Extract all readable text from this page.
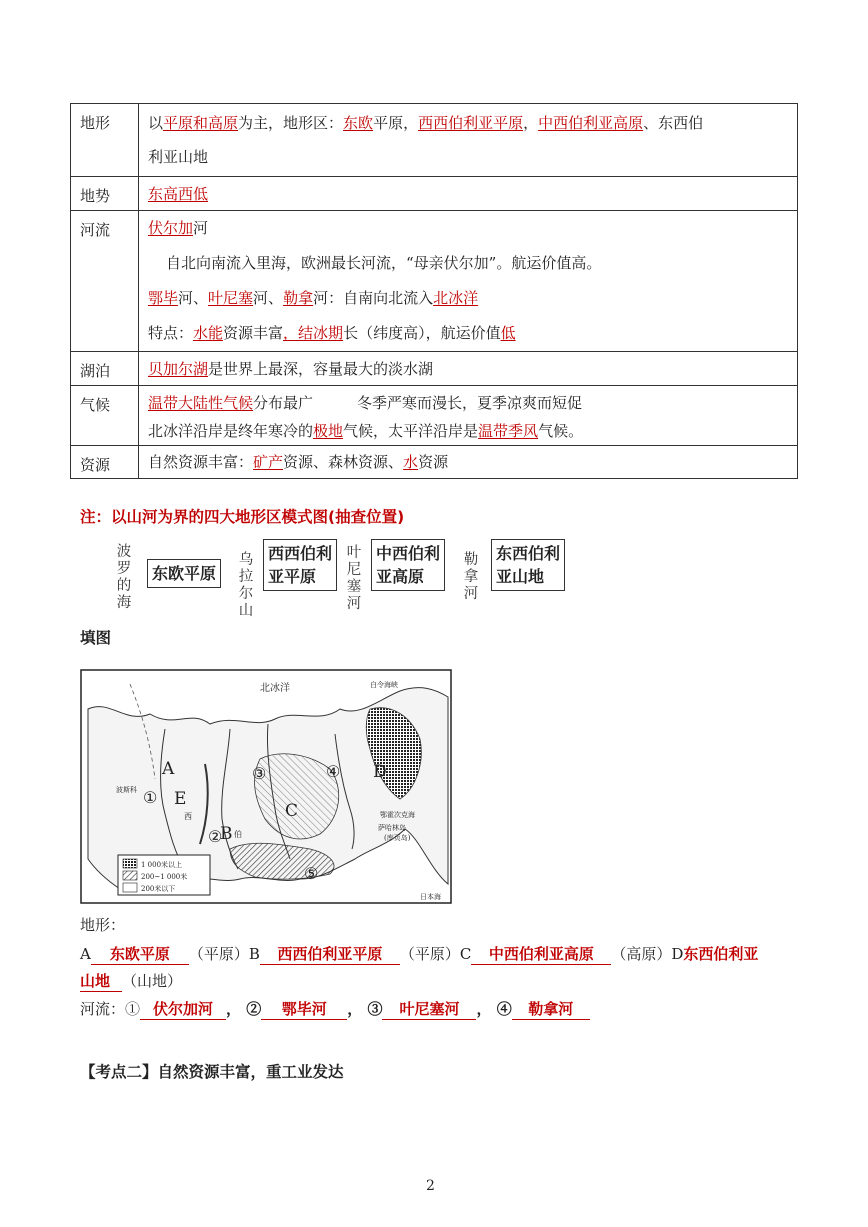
地形	以平原和高原为主，地形区：东欧平原，西西伯利亚平原，中西伯利亚高原、东西伯
利亚山地

地势	东高西低
河流	伏尔加河
自北向南流入里海，欧洲最长河流，“母亲伏尔加”。航运价值高。
鄂毕河、叶尼塞河、勒拿河：自南向北流入北冰洋
特点：水能资源丰富，结冰期长（纬度高），航运价值低

湖泊	贝加尔湖是世界上最深，容量最大的淡水湖
气候	温带大陆性气候分布最广 冬季严寒而漫长，夏季凉爽而短促
北冰洋沿岸是终年寒冷的极地气候，太平洋沿岸是温带季风气候。

资源	自然资源丰富：矿产资源、森林资源、水资源
注：以山河为界的四大地形区模式图(抽查位置)
波罗的海
东欧平原
乌拉尔山
西西伯利
亚平原
叶尼塞河
中西伯利
亚高原
勒拿河
东西伯利
亚山地
填图
北冰洋	白令海峡
A
B
C
D
E
①
②
③	④
⑤
西
伯
波斯科
鄂霍次克海
萨哈林岛
(库页岛)
日本海
1 000米以上
200~1 000米
200米以下
地形：
A 东欧平原 （平原）B 西西伯利亚平原 （平原）C 中西伯利亚高原 （高原）D东西伯利亚
山地 （山地）
河流：① 伏尔加河 ， ② 鄂毕河 ， ③ 叶尼塞河 ， ④ 勒拿河
【考点二】自然资源丰富，重工业发达
2
